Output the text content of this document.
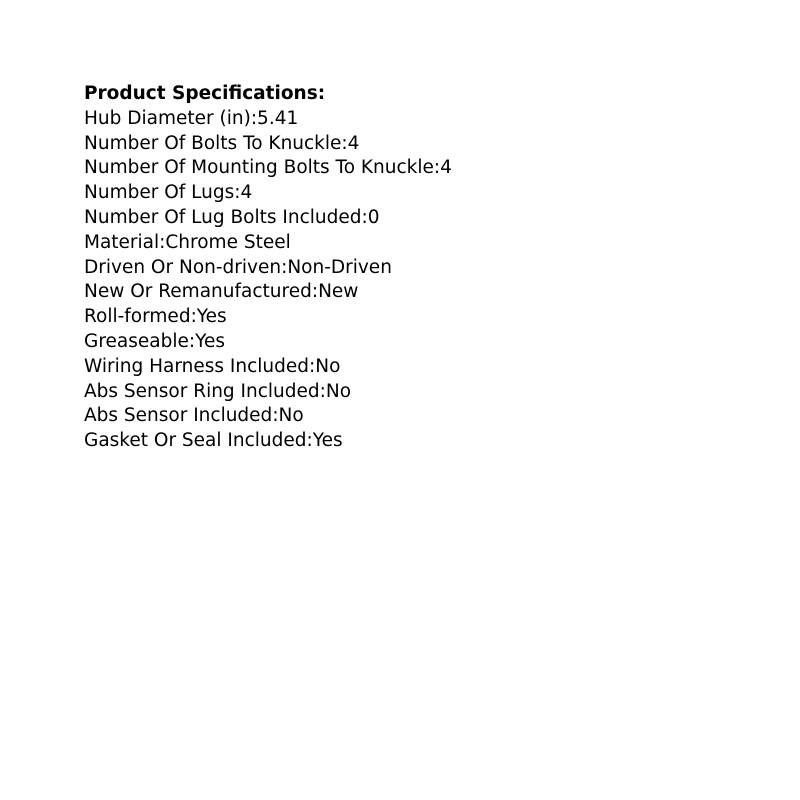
Product Specifications:
Hub Diameter (in):5.41
Number Of Bolts To Knuckle:4
Number Of Mounting Bolts To Knuckle:4
Number Of Lugs:4
Number Of Lug Bolts Included:0
Material:Chrome Steel
Driven Or Non-driven:Non-Driven
New Or Remanufactured:New
Roll-formed:Yes
Greaseable:Yes
Wiring Harness Included:No
Abs Sensor Ring Included:No
Abs Sensor Included:No
Gasket Or Seal Included:Yes
